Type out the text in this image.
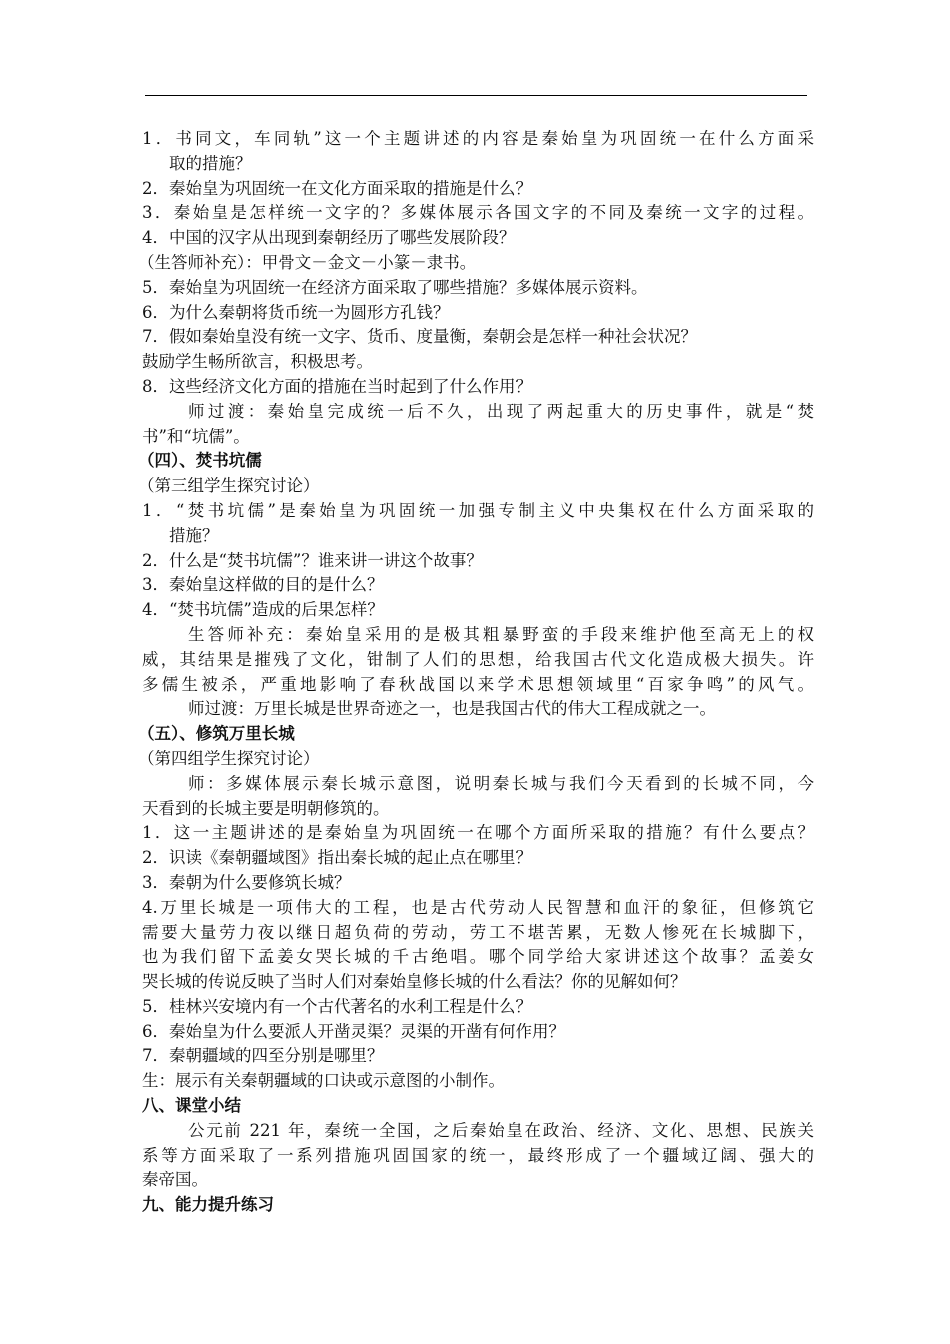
1．书同文，车同轨”这一个主题讲述的内容是秦始皇为巩固统一在什么方面采
取的措施？
2．秦始皇为巩固统一在文化方面采取的措施是什么？
3．秦始皇是怎样统一文字的？多媒体展示各国文字的不同及秦统一文字的过程。
4．中国的汉字从出现到秦朝经历了哪些发展阶段？
（生答师补充）：甲骨文－金文－小篆－隶书。
5．秦始皇为巩固统一在经济方面采取了哪些措施？多媒体展示资料。
6．为什么秦朝将货币统一为圆形方孔钱？
7．假如秦始皇没有统一文字、货币、度量衡，秦朝会是怎样一种社会状况？
鼓励学生畅所欲言，积极思考。
8．这些经济文化方面的措施在当时起到了什么作用？
师过渡：秦始皇完成统一后不久，出现了两起重大的历史事件，就是“焚
书”和“坑儒”。
（四）、焚书坑儒
（第三组学生探究讨论）
1．“焚书坑儒”是秦始皇为巩固统一加强专制主义中央集权在什么方面采取的
措施？
2．什么是“焚书坑儒”？谁来讲一讲这个故事？
3．秦始皇这样做的目的是什么？
4．“焚书坑儒”造成的后果怎样？
生答师补充：秦始皇采用的是极其粗暴野蛮的手段来维护他至高无上的权
威，其结果是摧残了文化，钳制了人们的思想，给我国古代文化造成极大损失。许
多儒生被杀，严重地影响了春秋战国以来学术思想领域里“百家争鸣”的风气。
师过渡：万里长城是世界奇迹之一，也是我国古代的伟大工程成就之一。
（五）、修筑万里长城
（第四组学生探究讨论）
师：多媒体展示秦长城示意图，说明秦长城与我们今天看到的长城不同，今
天看到的长城主要是明朝修筑的。
1．这一主题讲述的是秦始皇为巩固统一在哪个方面所采取的措施？有什么要点？
2．识读《秦朝疆域图》指出秦长城的起止点在哪里？
3．秦朝为什么要修筑长城？
4.万里长城是一项伟大的工程，也是古代劳动人民智慧和血汗的象征，但修筑它
需要大量劳力夜以继日超负荷的劳动，劳工不堪苦累，无数人惨死在长城脚下，
也为我们留下孟姜女哭长城的千古绝唱。哪个同学给大家讲述这个故事？孟姜女
哭长城的传说反映了当时人们对秦始皇修长城的什么看法？你的见解如何？
5．桂林兴安境内有一个古代著名的水利工程是什么？
6．秦始皇为什么要派人开凿灵渠？灵渠的开凿有何作用？
7．秦朝疆域的四至分别是哪里？
生：展示有关秦朝疆域的口诀或示意图的小制作。
八、课堂小结
公元前 221 年，秦统一全国，之后秦始皇在政治、经济、文化、思想、民族关
系等方面采取了一系列措施巩固国家的统一，最终形成了一个疆域辽阔、强大的
秦帝国。
九、能力提升练习
